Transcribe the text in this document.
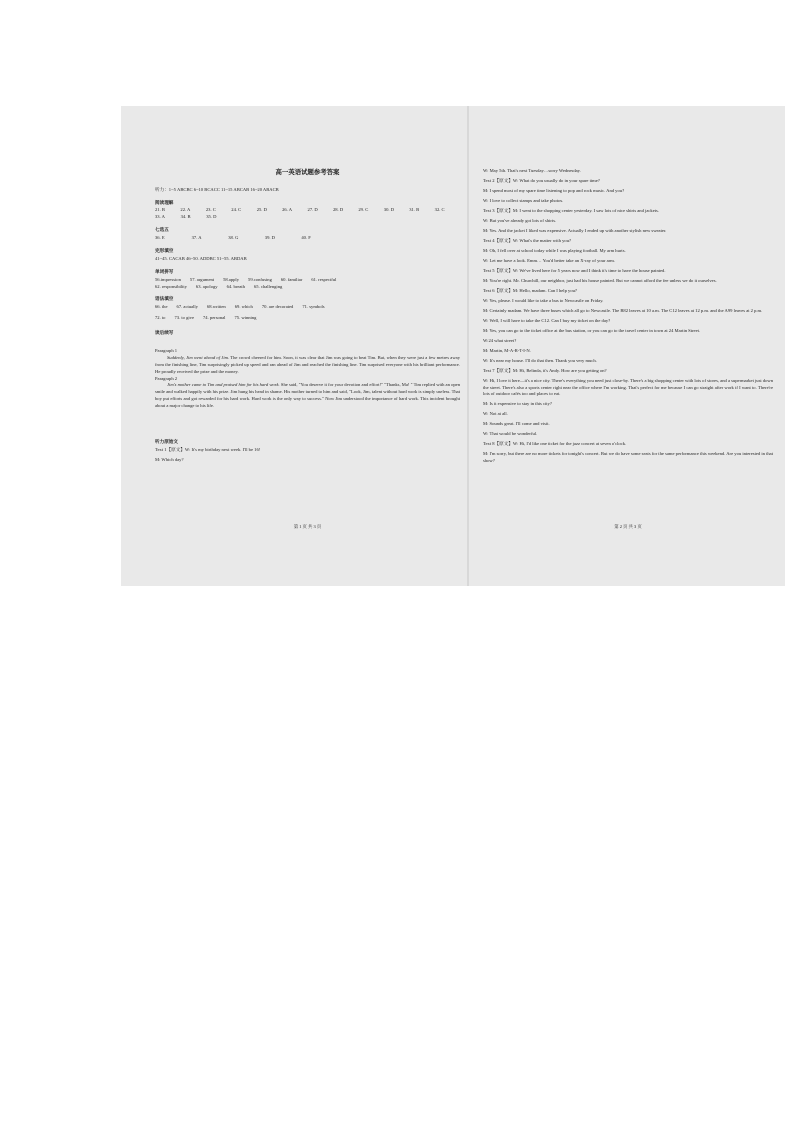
高一英语试题参考答案
听力：1~5 ABCBC 6~10 BCACC 11~15 ABCAB 16~20 ABACB
阅读理解
21. B	22. A	23. C	24. C	25. D	26. A	27. D	28. D	29. C	30. D	31. B	32. C
33. A	34. B	35. D
七选五
36. E	37. A	38. G	39. D	40. F
完形填空
41~45. CACAB 46~50. ADDBC 51~55. ABDAB
单词拼写
56.impression 57. argument 58.apply 59.confusing 60. familiar 61. respectful
62. responsibility 63. apology 64. breath 65. challenging
语法填空
66. the 67. actually 68.written 69. which 70. are decorated 71. symbols
72. to 73. to give 74. personal 75. winning
读后续写
Paragraph 1
Suddenly, Jim went ahead of Jim. The crowd cheered for him. Soon, it was clear that Jim was going to beat Tim. But, when they were just a few metres away from the finishing line, Tim surprisingly picked up speed and ran ahead of Jim and reached the finishing line. Tim surprised everyone with his brilliant performance. He proudly received the prize and the money.
Paragraph 2
Jim's mother came to Tim and praised him for his hard work. She said, "You deserve it for your devotion and effort!" "Thanks, Ma! " Tim replied with an open smile and walked happily with his prize. Jim hung his head in shame. His mother turned to him and said, "Look, Jim, talent without hard work is simply useless. That boy put efforts and got rewarded for his hard work. Hard work is the only way to success." Now Jim understood the importance of hard work. This incident brought about a major change to his life.
听力原始文
Text 1【原文】W: It's my birthday next week. I'll be 16!
M: Which day?
第 1 页 共 3 页
W: May 5th. That's next Tuesday…sorry Wednesday.
Text 2【原文】W: What do you usually do in your spare time?
M: I spend most of my spare time listening to pop and rock music. And you?
W: I love to collect stamps and take photos.
Text 3【原文】M: I went to the shopping center yesterday. I saw lots of nice shirts and jackets.
W: But you've already got lots of shirts.
M: Yes. And the jacket I liked was expensive. Actually I ended up with another stylish new sweater.
Text 4【原文】W: What's the matter with you?
M: Oh, I fell over at school today while I was playing football. My arm hurts.
W: Let me have a look. Emm… You'd better take an X-ray of your arm.
Text 5【原文】W: We've lived here for 5 years now and I think it's time to have the house painted.
M: You're right. Mr. Churchill, our neighbor, just had his house painted. But we cannot afford the fee unless we do it ourselves.
Text 6【原文】M: Hello, madam. Can I help you?
W: Yes, please. I would like to take a bus to Newcastle on Friday.
M: Certainly madam. We have three buses which all go to Newcastle. The B82 leaves at 10 a.m. The C12 leaves at 12 p.m. and the A99 leaves at 2 p.m.
W: Well, I will have to take the C12. Can I buy my ticket on the day?
M: Yes, you can go to the ticket office at the bus station, or you can go to the travel center in town at 24 Martin Street.
W:24 what street?
M: Martin, M-A-R-T-I-N.
W: It's near my house. I'll do that then. Thank you very much.
Text 7【原文】M: Hi, Belinda, it's Andy. How are you getting on?
W: Hi, I love it here—it's a nice city. There's everything you need just close-by. There's a big shopping center with lots of stores, and a supermarket just down the street. There's also a sports center right near the office where I'm working. That's perfect for me because I can go straight after work if I want to. There're lots of outdoor cafés too and places to eat.
M: Is it expensive to stay in this city?
W: Not at all.
M: Sounds great. I'll come and visit.
W: That would be wonderful.
Text 8【原文】W: Hi, I'd like one ticket for the jazz concert at seven o'clock.
M: I'm sorry, but there are no more tickets for tonight's concert. But we do have some seats for the same performance this weekend. Are you interested in that show?
第 2 页 共 3 页
